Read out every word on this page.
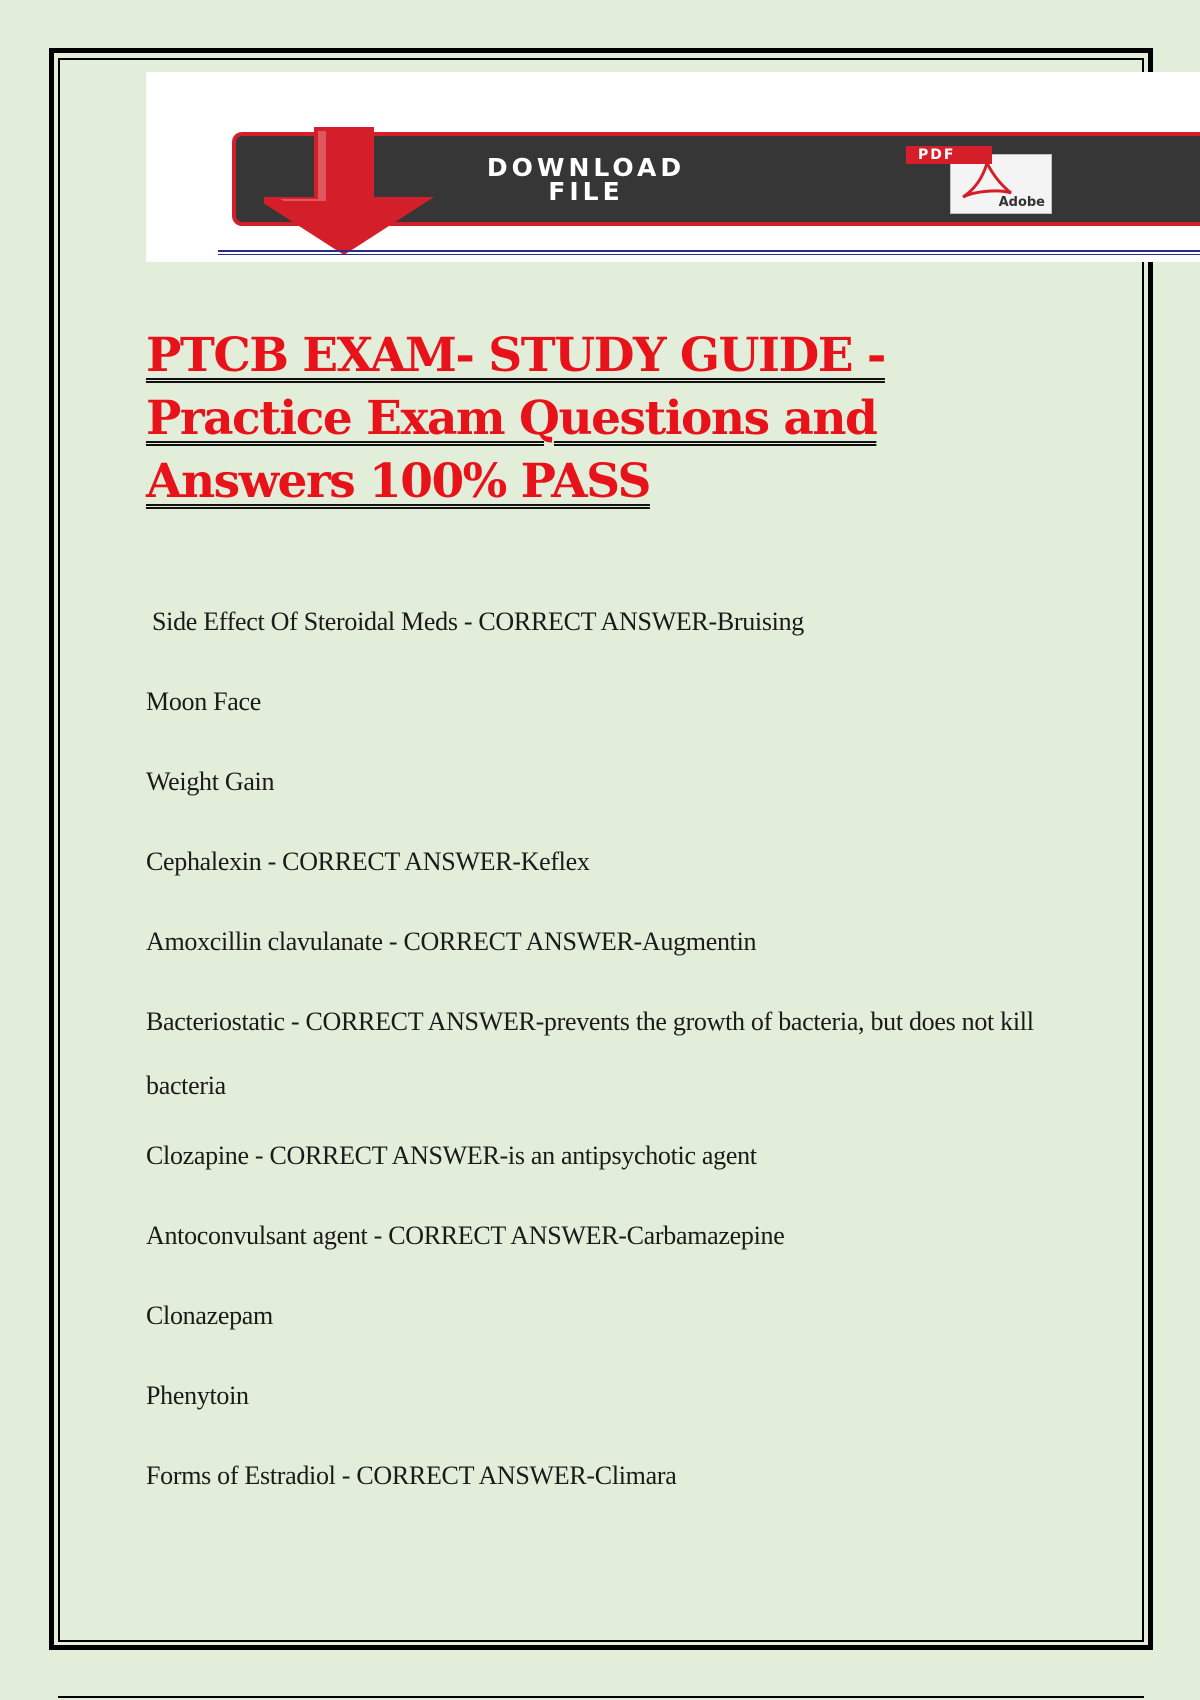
DOWNLOAD FILE	Adobe
PDF
PTCB EXAM- STUDY GUIDE - Practice Exam Questions and Answers 100% PASS
Side Effect Of Steroidal Meds - CORRECT ANSWER-Bruising
Moon Face
Weight Gain
Cephalexin - CORRECT ANSWER-Keflex
Amoxcillin clavulanate - CORRECT ANSWER-Augmentin
Bacteriostatic - CORRECT ANSWER-prevents the growth of bacteria, but does not kill bacteria
Clozapine - CORRECT ANSWER-is an antipsychotic agent
Antoconvulsant agent - CORRECT ANSWER-Carbamazepine
Clonazepam
Phenytoin
Forms of Estradiol - CORRECT ANSWER-Climara
